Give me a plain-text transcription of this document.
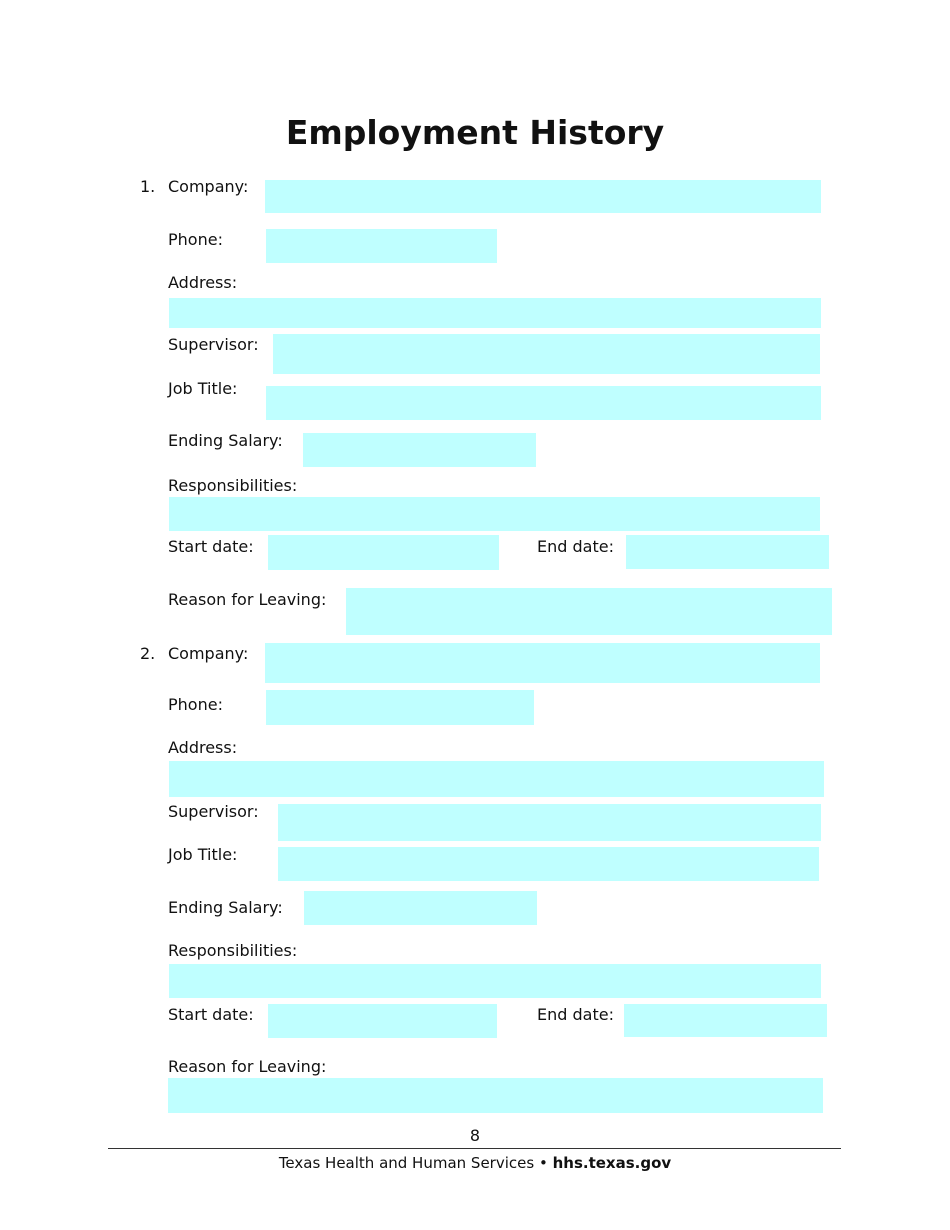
Employment History
1. Company:
Phone:
Address:
Supervisor:
Job Title:
Ending Salary:
Responsibilities:
Start date:	End date:
Reason for Leaving:
2. Company:
Phone:
Address:
Supervisor:
Job Title:
Ending Salary:
Responsibilities:
Start date:	End date:
Reason for Leaving:
8
Texas Health and Human Services • hhs.texas.gov
